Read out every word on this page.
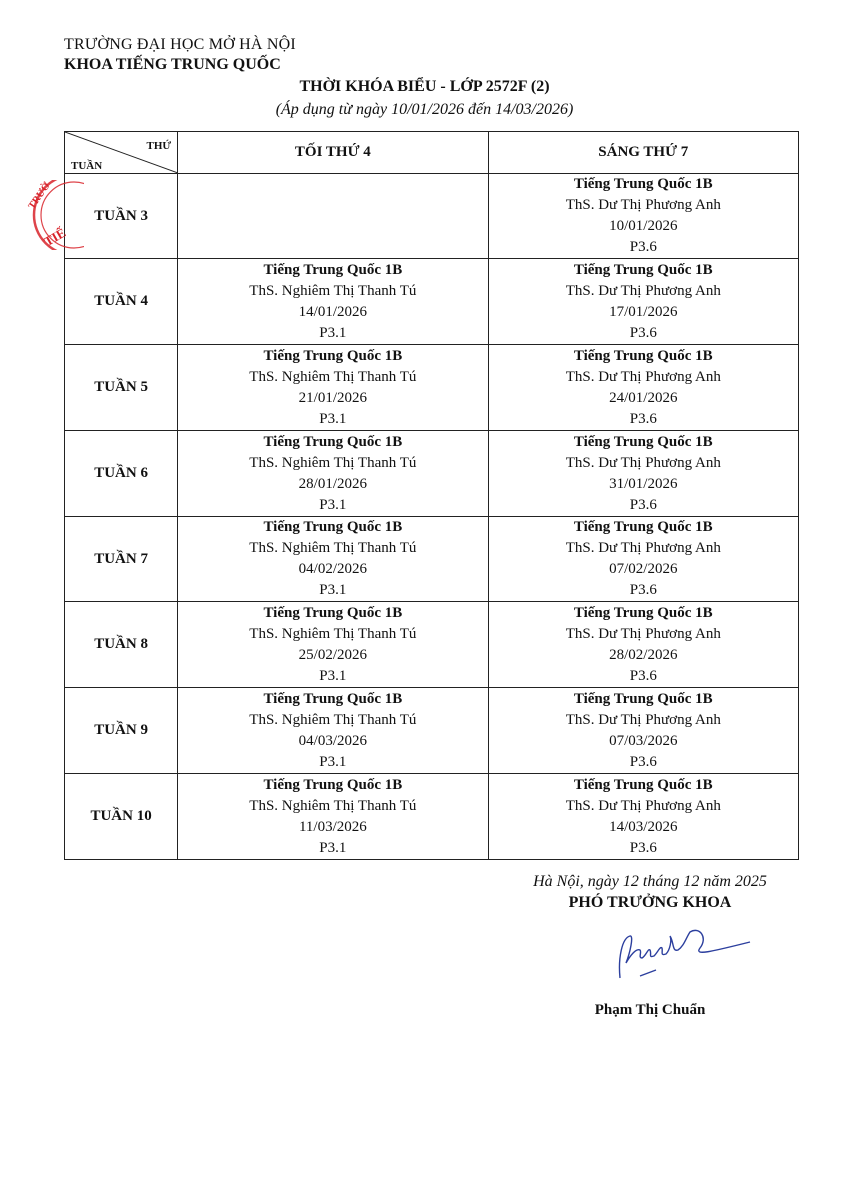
TRƯỜNG ĐẠI HỌC MỞ HÀ NỘI
KHOA TIẾNG TRUNG QUỐC
THỜI KHÓA BIỂU - LỚP 2572F (2)
(Áp dụng từ ngày 10/01/2026 đến 14/03/2026)
THỨ
TUẦN	TỐI THỨ 4	SÁNG THỨ 7
TUẦN 3		Tiếng Trung Quốc 1B
ThS. Dư Thị Phương Anh
10/01/2026
P3.6

TUẦN 4	Tiếng Trung Quốc 1B
ThS. Nghiêm Thị Thanh Tú
14/01/2026
P3.1	Tiếng Trung Quốc 1B
ThS. Dư Thị Phương Anh
17/01/2026
P3.6

TUẦN 5	Tiếng Trung Quốc 1B
ThS. Nghiêm Thị Thanh Tú
21/01/2026
P3.1	Tiếng Trung Quốc 1B
ThS. Dư Thị Phương Anh
24/01/2026
P3.6

TUẦN 6	Tiếng Trung Quốc 1B
ThS. Nghiêm Thị Thanh Tú
28/01/2026
P3.1	Tiếng Trung Quốc 1B
ThS. Dư Thị Phương Anh
31/01/2026
P3.6

TUẦN 7	Tiếng Trung Quốc 1B
ThS. Nghiêm Thị Thanh Tú
04/02/2026
P3.1	Tiếng Trung Quốc 1B
ThS. Dư Thị Phương Anh
07/02/2026
P3.6

TUẦN 8	Tiếng Trung Quốc 1B
ThS. Nghiêm Thị Thanh Tú
25/02/2026
P3.1	Tiếng Trung Quốc 1B
ThS. Dư Thị Phương Anh
28/02/2026
P3.6

TUẦN 9	Tiếng Trung Quốc 1B
ThS. Nghiêm Thị Thanh Tú
04/03/2026
P3.1	Tiếng Trung Quốc 1B
ThS. Dư Thị Phương Anh
07/03/2026
P3.6

TUẦN 10	Tiếng Trung Quốc 1B
ThS. Nghiêm Thị Thanh Tú
11/03/2026
P3.1	Tiếng Trung Quốc 1B
ThS. Dư Thị Phương Anh
14/03/2026
P3.6
TRƯỜ
TIẾ
Hà Nội, ngày 12 tháng 12 năm 2025
PHÓ TRƯỞNG KHOA
Phạm Thị Chuẩn
